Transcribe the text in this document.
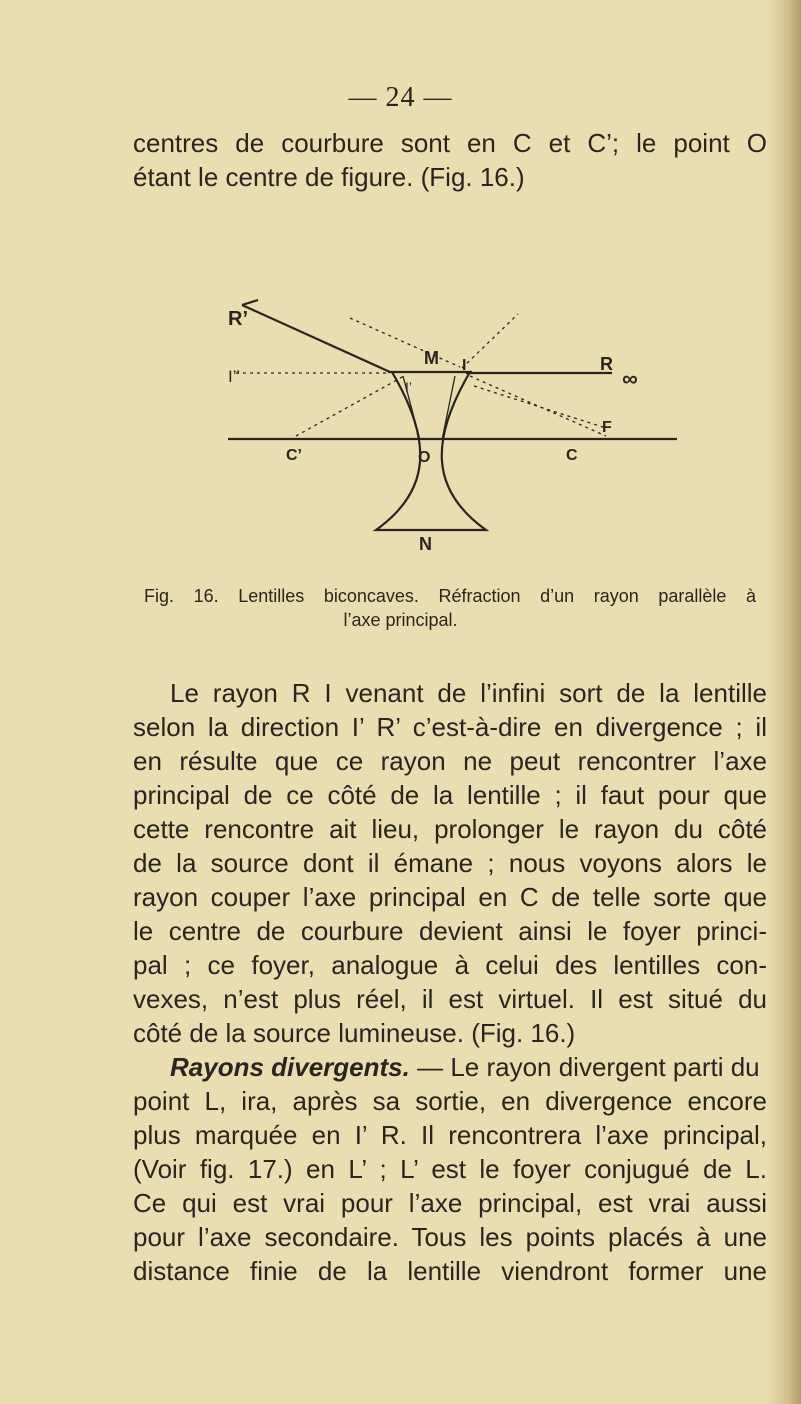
— 24 —
centres de courbure sont en C et C’; le point O
étant le centre de figure. (Fig. 16.)
R’
I’’
M I
I’
R
∞
F
C’	O	C
N
Fig. 16. Lentilles biconcaves. Réfraction d’un rayon parallèle à
l’axe principal.
Le rayon R I venant de l’infini sort de la lentille
selon la direction I’ R’ c’est-à-dire en divergence ; il
en résulte que ce rayon ne peut rencontrer l’axe
principal de ce côté de la lentille ; il faut pour que
cette rencontre ait lieu, prolonger le rayon du côté
de la source dont il émane ; nous voyons alors le
rayon couper l’axe principal en C de telle sorte que
le centre de courbure devient ainsi le foyer princi-
pal ; ce foyer, analogue à celui des lentilles con-
vexes, n’est plus réel, il est virtuel. Il est situé du
côté de la source lumineuse. (Fig. 16.)
Rayons divergents. — Le rayon divergent parti du
point L, ira, après sa sortie, en divergence encore
plus marquée en I’ R. Il rencontrera l’axe principal,
(Voir fig. 17.) en L’ ; L’ est le foyer conjugué de L.
Ce qui est vrai pour l’axe principal, est vrai aussi
pour l’axe secondaire. Tous les points placés à une
distance finie de la lentille viendront former une
